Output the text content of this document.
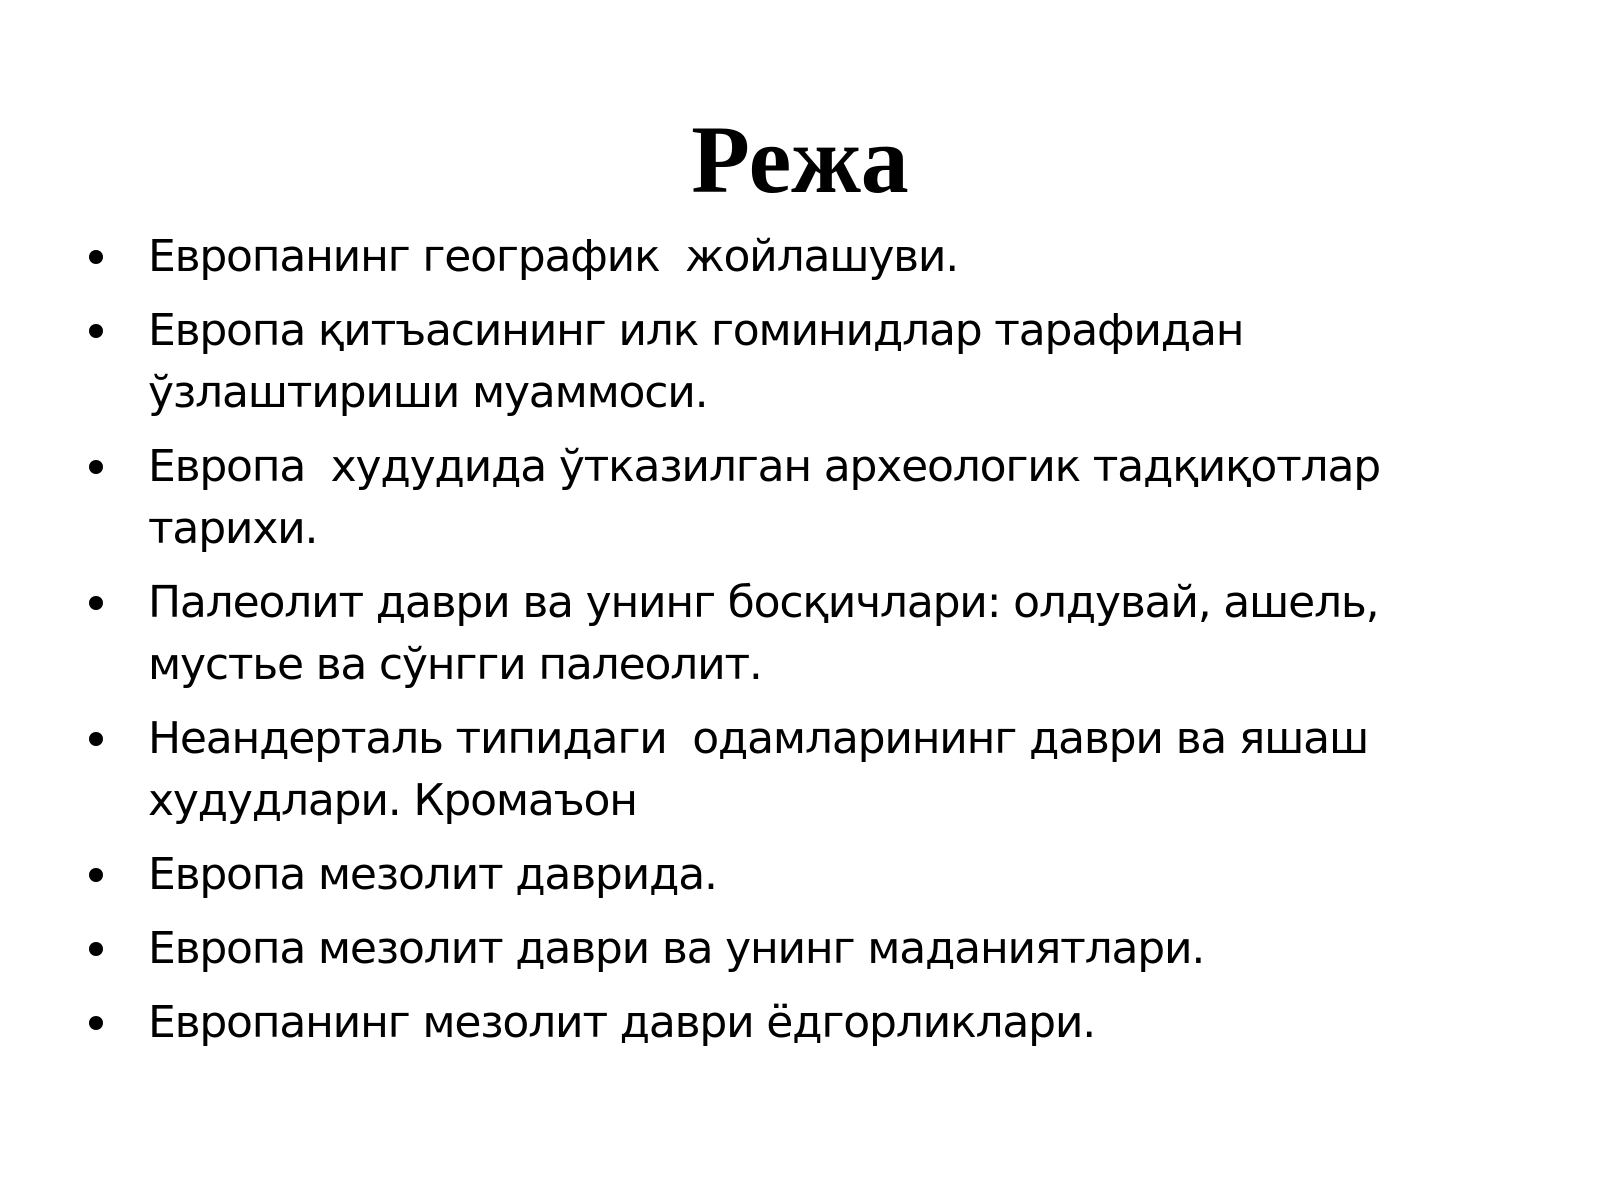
Режа
Европанинг географик  жойлашуви.
Европа қитъасининг илк гоминидлар тарафидан ўзлаштириши муаммоси.
Европа  худудида ўтказилган археологик тадқиқотлар тарихи.
Палеолит даври ва унинг босқичлари: олдувай, ашель, мустье ва сўнгги палеолит.
Неандерталь типидаги  одамларининг даври ва яшаш худудлари. Кромаъон
Европа мезолит даврида.
Европа мезолит даври ва унинг маданиятлари.
Европанинг мезолит даври ёдгорликлари.
